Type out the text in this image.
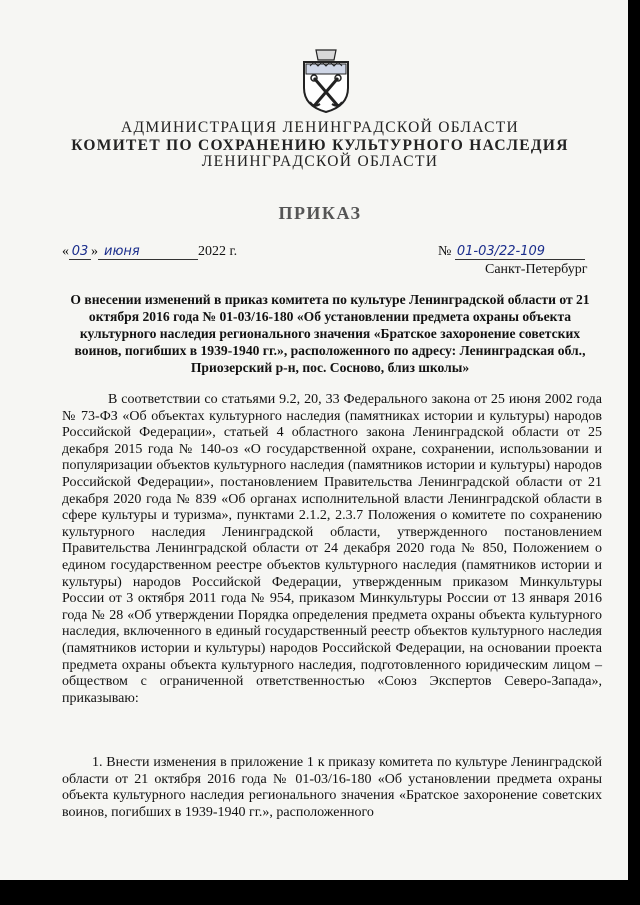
АДМИНИСТРАЦИЯ ЛЕНИНГРАДСКОЙ ОБЛАСТИ
КОМИТЕТ ПО СОХРАНЕНИЮ КУЛЬТУРНОГО НАСЛЕДИЯ
ЛЕНИНГРАДСКОЙ ОБЛАСТИ
ПРИКАЗ
« 03 » июня	2022 г.	№ 01-03/22-109
Санкт-Петербург
О внесении изменений в приказ комитета по культуре Ленинградской области от 21 октября 2016 года № 01-03/16-180 «Об установлении предмета охраны объекта культурного наследия регионального значения «Братское захоронение советских воинов, погибших в 1939-1940 гг.», расположенного по адресу: Ленинградская обл., Приозерский р-н, пос. Сосново, близ школы»

В соответствии со статьями 9.2, 20, 33 Федерального закона от 25 июня 2002 года № 73-ФЗ «Об объектах культурного наследия (памятниках истории и культуры) народов Российской Федерации», статьей 4 областного закона Ленинградской области от 25 декабря 2015 года № 140-оз «О государственной охране, сохранении, использовании и популяризации объектов культурного наследия (памятников истории и культуры) народов Российской Федерации», постановлением Правительства Ленинградской области от 21 декабря 2020 года № 839 «Об органах исполнительной власти Ленинградской области в сфере культуры и туризма», пунктами 2.1.2, 2.3.7 Положения о комитете по сохранению культурного наследия Ленинградской области, утвержденного постановлением Правительства Ленинградской области от 24 декабря 2020 года № 850, Положением о едином государственном реестре объектов культурного наследия (памятников истории и культуры) народов Российской Федерации, утвержденным приказом Минкультуры России от 3 октября 2011 года № 954, приказом Минкультуры России от 13 января 2016 года № 28 «Об утверждении Порядка определения предмета охраны объекта культурного наследия, включенного в единый государственный реестр объектов культурного наследия (памятников истории и культуры) народов Российской Федерации, на основании проекта предмета охраны объекта культурного наследия, подготовленного юридическим лицом – обществом с ограниченной ответственностью «Союз Экспертов Северо-Запада», приказываю:

1. Внести изменения в приложение 1 к приказу комитета по культуре Ленинградской области от 21 октября 2016 года № 01-03/16-180 «Об установлении предмета охраны объекта культурного наследия регионального значения «Братское захоронение советских воинов, погибших в 1939-1940 гг.», расположенного
